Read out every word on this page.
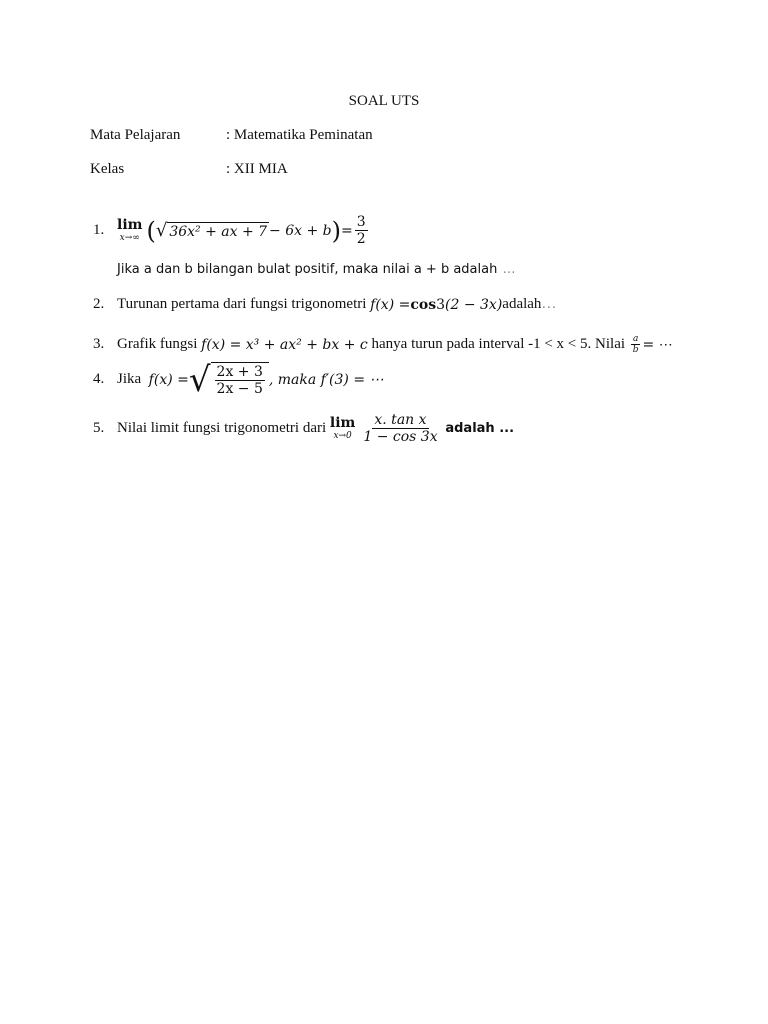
SOAL UTS
Mata Pelajaran	: Matematika Peminatan
Kelas	: XII MIA
1. lim
x→∞ ( √ 36x² + ax + 7 − 6x + b ) = $\frac{3}{2}$
Jika a dan b bilangan bulat positif, maka nilai a + b adalah …
2. Turunan pertama dari fungsi trigonometri
f(x) = cos 3 (2 − 3x) adalah …
3. Grafik fungsi
f(x) = x³ + ax² + bx + c
hanya turun pada interval -1 < x < 5. Nilai
$\frac{a}{b}$ = ⋯
4. Jika
f(x) = √ $\frac{2x + 3}{2x - 5}$ , maka f′(3) = ⋯
5. Nilai limit fungsi trigonometri dari
lim
$x\to 0 \frac{\text{x. tan x}}{1 - \cos 3x}$
adalah ...
